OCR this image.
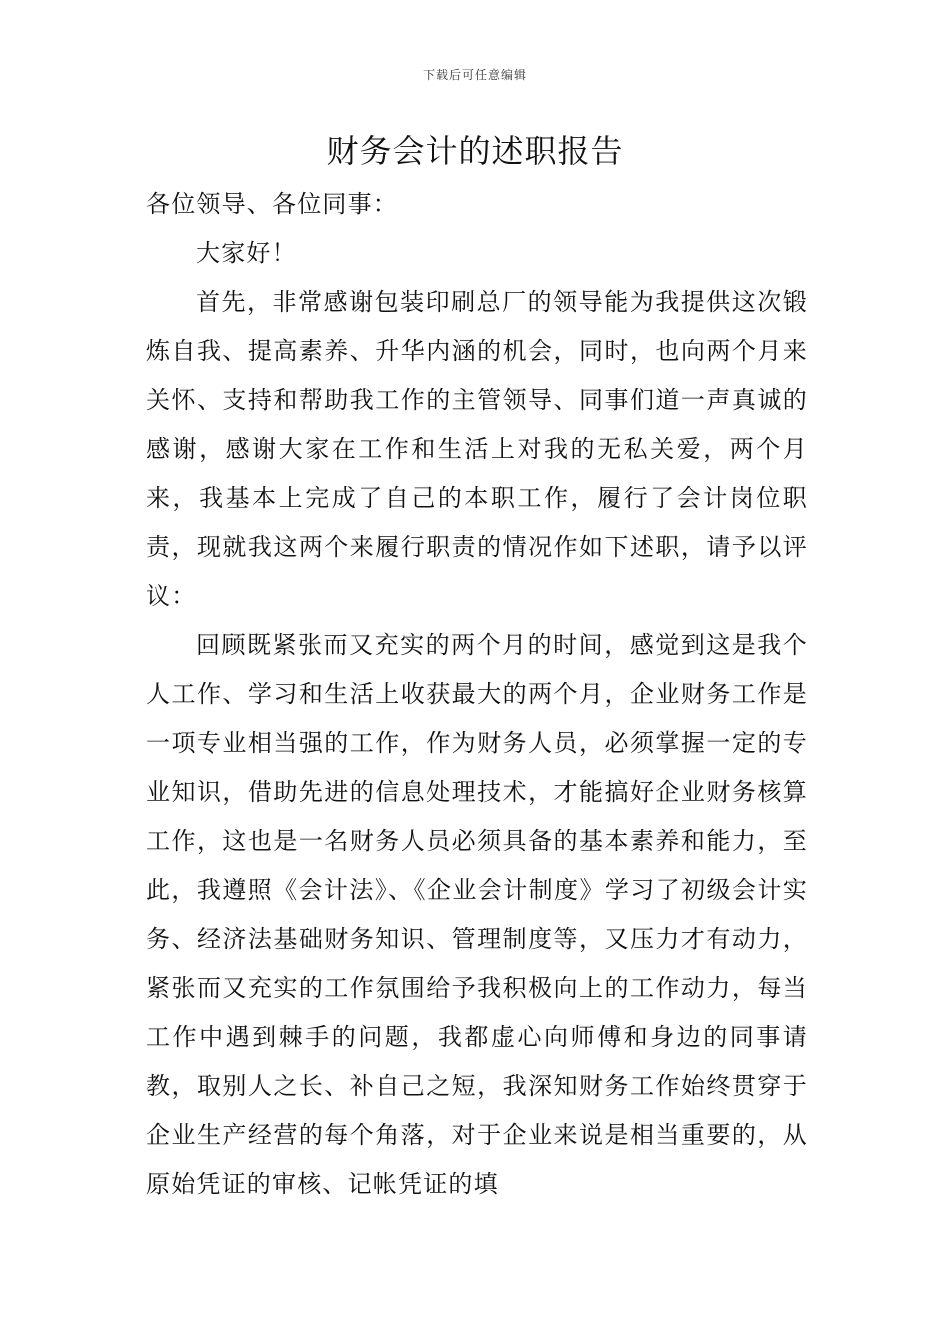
下载后可任意编辑
财务会计的述职报告

各位领导、各位同事：

大家好！

首先，非常感谢包装印刷总厂的领导能为我提供这次锻炼自我、提高素养、升华内涵的机会，同时，也向两个月来关怀、支持和帮助我工作的主管领导、同事们道一声真诚的感谢，感谢大家在工作和生活上对我的无私关爱，两个月来，我基本上完成了自己的本职工作，履行了会计岗位职责，现就我这两个来履行职责的情况作如下述职，请予以评议：

回顾既紧张而又充实的两个月的时间，感觉到这是我个人工作、学习和生活上收获最大的两个月，企业财务工作是一项专业相当强的工作，作为财务人员，必须掌握一定的专业知识，借助先进的信息处理技术，才能搞好企业财务核算工作，这也是一名财务人员必须具备的基本素养和能力，至此，我遵照《会计法》、《企业会计制度》学习了初级会计实务、经济法基础财务知识、管理制度等，又压力才有动力，紧张而又充实的工作氛围给予我积极向上的工作动力，每当工作中遇到棘手的问题，我都虚心向师傅和身边的同事请教，取别人之长、补自己之短，我深知财务工作始终贯穿于企业生产经营的每个角落，对于企业来说是相当重要的，从原始凭证的审核、记帐凭证的填
